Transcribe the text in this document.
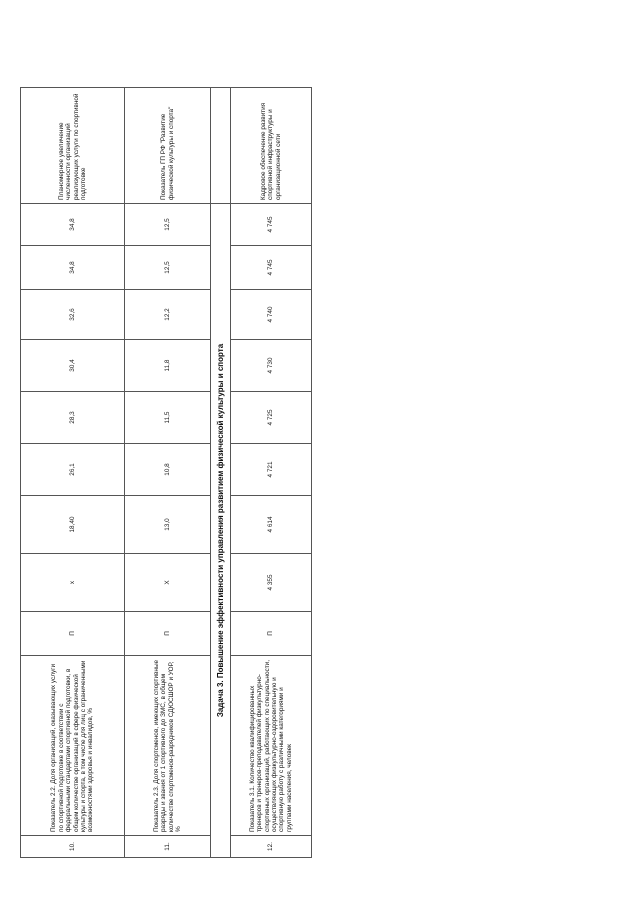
10.	Показатель 2.2. Доля организаций, оказывающих услуги по спортивной подготовке в соответствии с федеральными стандартами спортивной подготовки, в общем количестве организаций в сфере физической культуры и спорта, в том числе для лиц с ограниченными возможностями здоровья и инвалидов, %	П	x	18,40	26,1	28,3	30,4	32,6	34,8	34,8	Планомерное увеличение численности организаций реализующих услуги по спортивной подготовке
11.	Показатель 2.3. Доля спортсменов, имеющих спортивные разряды и звания от 1 спортивного до ЗМС, в общем количестве спортсменов-разрядников СДЮСШОР и УОР, %	П	X	13,0	10,8	11,5	11,8	12,2	12,5	12,5	Показатель ГП РФ "Развитие физической культуры и спорта"
Задача 3. Повышение эффективности управления развитием физической культуры и спорта											
12.	Показатель 3.1. Количество квалифицированных тренеров и тренеров-преподавателей физкультурно-спортивных организаций, работающих по специальности, осуществляющих физкультурно-оздоровительную и спортивную работу с различными категориями и группами населения, человек	П	4 355	4 614	4 721	4 725	4 730	4 740	4 745	4 745	Кадровое обеспечение развития спортивной инфраструктуры и организационной сети
